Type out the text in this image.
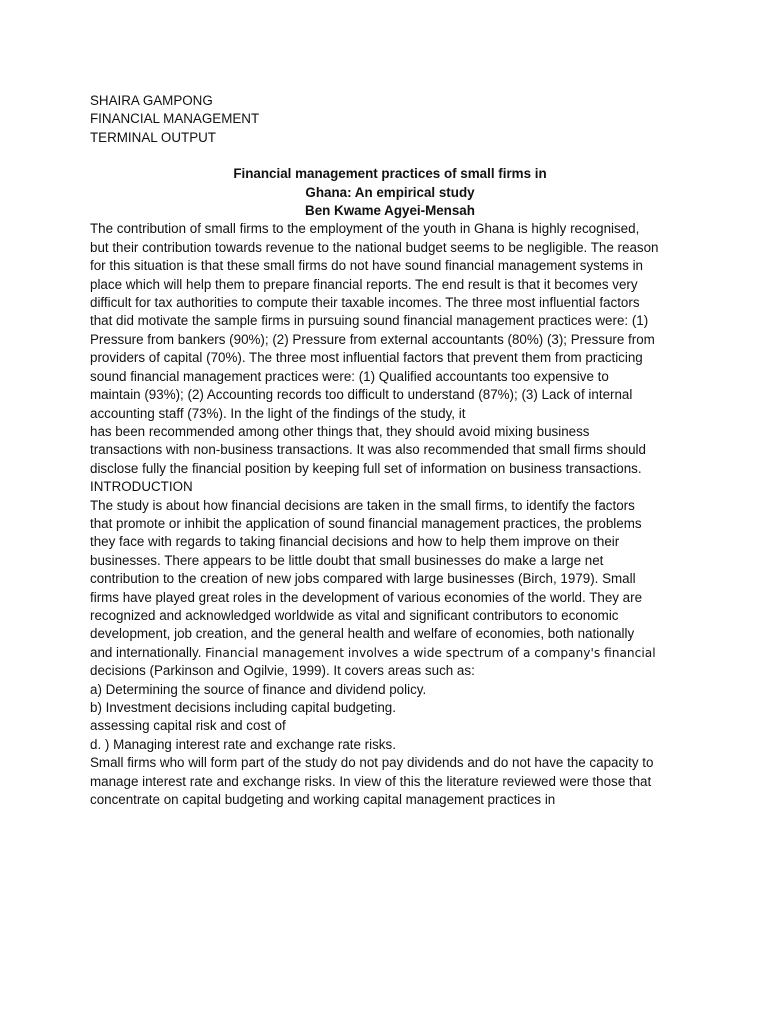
SHAIRA GAMPONG
FINANCIAL MANAGEMENT
TERMINAL OUTPUT
Financial management practices of small firms in
Ghana: An empirical study
Ben Kwame Agyei-Mensah

The contribution of small firms to the employment of the youth in Ghana is highly recognised,
but their contribution towards revenue to the national budget seems to be negligible. The reason
for this situation is that these small firms do not have sound financial management systems in
place which will help them to prepare financial reports. The end result is that it becomes very
difficult for tax authorities to compute their taxable incomes. The three most influential factors
that did motivate the sample firms in pursuing sound financial management practices were: (1)
Pressure from bankers (90%); (2) Pressure from external accountants (80%) (3); Pressure from
providers of capital (70%). The three most influential factors that prevent them from practicing
sound financial management practices were: (1) Qualified accountants too expensive to
maintain (93%); (2) Accounting records too difficult to understand (87%); (3) Lack of internal
accounting staff (73%). In the light of the findings of the study, it
has been recommended among other things that, they should avoid mixing business
transactions with non-business transactions. It was also recommended that small firms should
disclose fully the financial position by keeping full set of information on business transactions.

INTRODUCTION

The study is about how financial decisions are taken in the small firms, to identify the factors
that promote or inhibit the application of sound financial management practices, the problems
they face with regards to taking financial decisions and how to help them improve on their
businesses. There appears to be little doubt that small businesses do make a large net
contribution to the creation of new jobs compared with large businesses (Birch, 1979). Small
firms have played great roles in the development of various economies of the world. They are
recognized and acknowledged worldwide as vital and significant contributors to economic
development, job creation, and the general health and welfare of economies, both nationally
and internationally. Financial management involves a wide spectrum of a company's financial
decisions (Parkinson and Ogilvie, 1999). It covers areas such as:

a) Determining the source of finance and dividend policy.
b) Investment decisions including capital budgeting.
assessing capital risk and cost of
d. ) Managing interest rate and exchange rate risks.

Small firms who will form part of the study do not pay dividends and do not have the capacity to
manage interest rate and exchange risks. In view of this the literature reviewed were those that
concentrate on capital budgeting and working capital management practices in
